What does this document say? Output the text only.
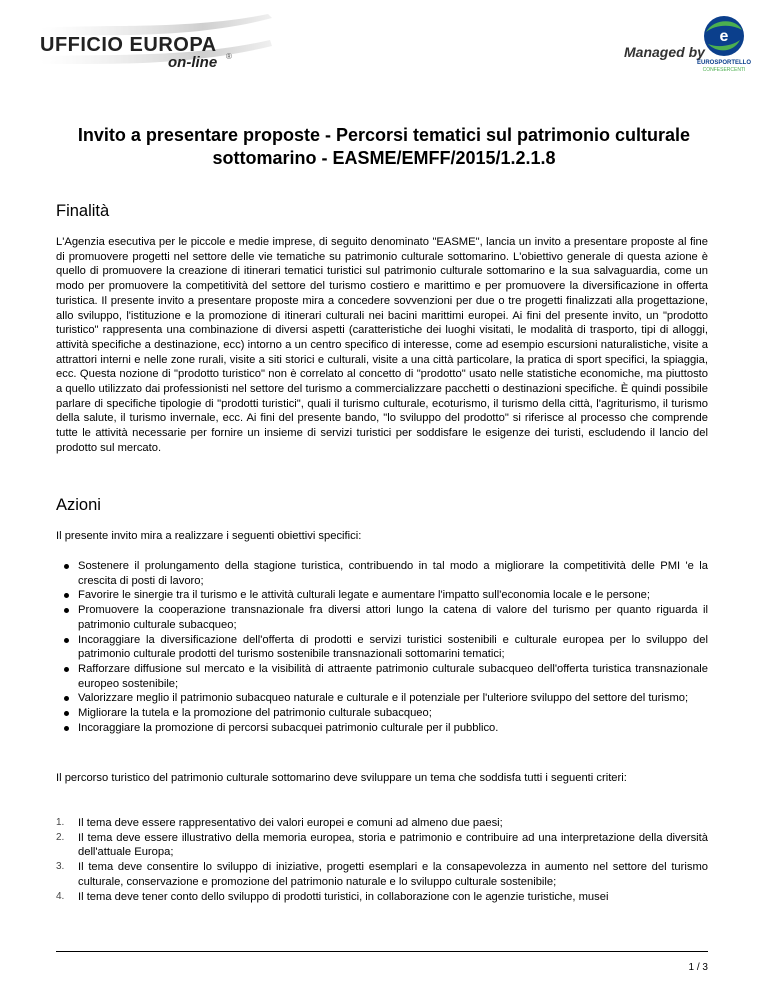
UFFICIO EUROPA
on-line ®	Managed by
e
EUROSPORTELLO
CONFESERCENTI
Invito a presentare proposte - Percorsi tematici sul patrimonio culturale sottomarino - EASME/EMFF/2015/1.2.1.8
Finalità

L'Agenzia esecutiva per le piccole e medie imprese, di seguito denominato "EASME", lancia un invito a presentare proposte al fine di promuovere progetti nel settore delle vie tematiche su patrimonio culturale sottomarino. L'obiettivo generale di questa azione è quello di promuovere la creazione di itinerari tematici turistici sul patrimonio culturale sottomarino e la sua salvaguardia, come un modo per promuovere la competitività del settore del turismo costiero e marittimo e per promuovere la diversificazione in offerta turistica. Il presente invito a presentare proposte mira a concedere sovvenzioni per due o tre progetti finalizzati alla progettazione, allo sviluppo, l'istituzione e la promozione di itinerari culturali nei bacini marittimi europei. Ai fini del presente invito, un "prodotto turistico" rappresenta una combinazione di diversi aspetti (caratteristiche dei luoghi visitati, le modalità di trasporto, tipi di alloggi, attività specifiche a destinazione, ecc) intorno a un centro specifico di interesse, come ad esempio escursioni naturalistiche, visite a attrattori interni e nelle zone rurali, visite a siti storici e culturali, visite a una città particolare, la pratica di sport specifici, la spiaggia, ecc. Questa nozione di "prodotto turistico" non è correlato al concetto di "prodotto" usato nelle statistiche economiche, ma piuttosto a quello utilizzato dai professionisti nel settore del turismo a commercializzare pacchetti o destinazioni specifiche. È quindi possibile parlare di specifiche tipologie di "prodotti turistici", quali il turismo culturale, ecoturismo, il turismo della città, l'agriturismo, il turismo della salute, il turismo invernale, ecc. Ai fini del presente bando, "lo sviluppo del prodotto" si riferisce al processo che comprende tutte le attività necessarie per fornire un insieme di servizi turistici per soddisfare le esigenze dei turisti, escludendo il lancio del prodotto sul mercato.

Azioni

Il presente invito mira a realizzare i seguenti obiettivi specifici:

Sostenere il prolungamento della stagione turistica, contribuendo in tal modo a migliorare la competitività delle PMI 'e la crescita di posti di lavoro;
Favorire le sinergie tra il turismo e le attività culturali legate e aumentare l'impatto sull'economia locale e le persone;
Promuovere la cooperazione transnazionale fra diversi attori lungo la catena di valore del turismo per quanto riguarda il patrimonio culturale subacqueo;
Incoraggiare la diversificazione dell'offerta di prodotti e servizi turistici sostenibili e culturale europea per lo sviluppo del patrimonio culturale prodotti del turismo sostenibile transnazionali sottomarini tematici;
Rafforzare diffusione sul mercato e la visibilità di attraente patrimonio culturale subacqueo dell'offerta turistica transnazionale europeo sostenibile;
Valorizzare meglio il patrimonio subacqueo naturale e culturale e il potenziale per l'ulteriore sviluppo del settore del turismo;
Migliorare la tutela e la promozione del patrimonio culturale subacqueo;
Incoraggiare la promozione di percorsi subacquei patrimonio culturale per il pubblico.

Il percorso turistico del patrimonio culturale sottomarino deve sviluppare un tema che soddisfa tutti i seguenti criteri:

1. Il tema deve essere rappresentativo dei valori europei e comuni ad almeno due paesi;
2. Il tema deve essere illustrativo della memoria europea, storia e patrimonio e contribuire ad una interpretazione della diversità dell'attuale Europa;
3. Il tema deve consentire lo sviluppo di iniziative, progetti esemplari e la consapevolezza in aumento nel settore del turismo culturale, conservazione e promozione del patrimonio naturale e lo sviluppo culturale sostenibile;
4. Il tema deve tener conto dello sviluppo di prodotti turistici, in collaborazione con le agenzie turistiche, musei
1 / 3
